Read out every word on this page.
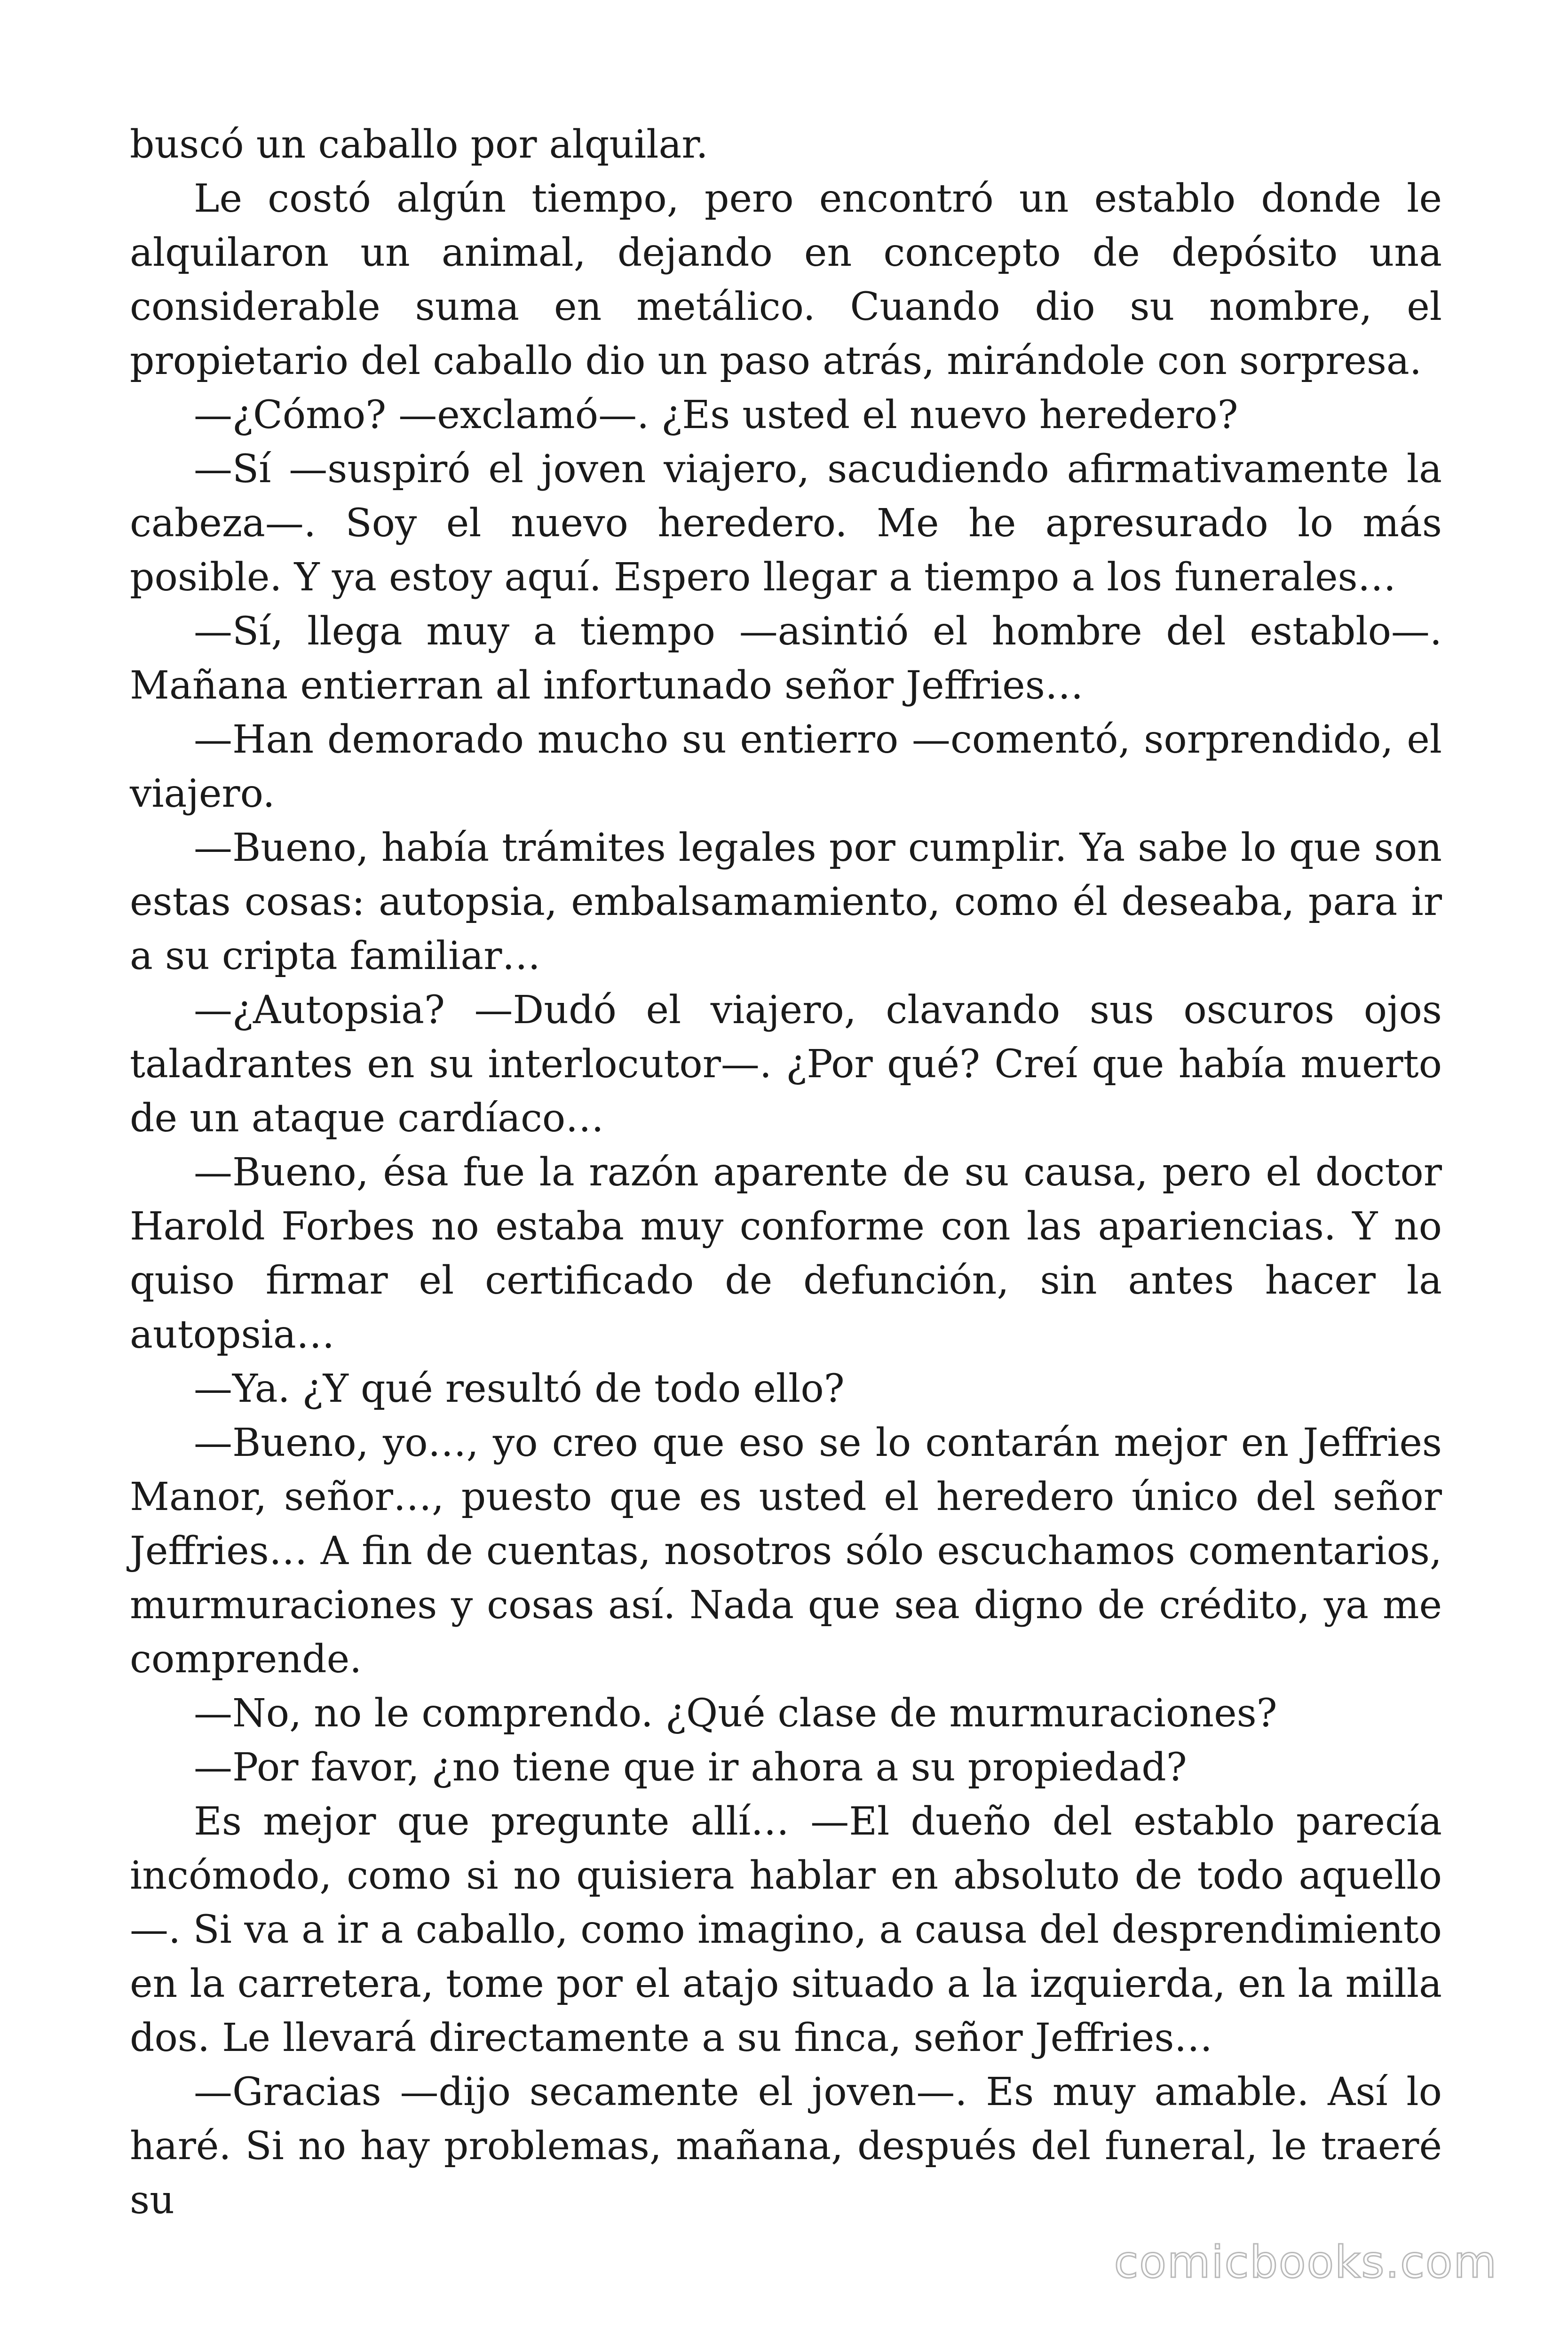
buscó un caballo por alquilar.

Le costó algún tiempo, pero encontró un establo donde le alquilaron un animal, dejando en concepto de depósito una considerable suma en metálico. Cuando dio su nombre, el propietario del caballo dio un paso atrás, mirándole con sorpresa.

—¿Cómo? —exclamó—. ¿Es usted el nuevo heredero?

—Sí —suspiró el joven viajero, sacudiendo afirmativamente la cabeza—. Soy el nuevo heredero. Me he apresurado lo más posible. Y ya estoy aquí. Espero llegar a tiempo a los funerales…

—Sí, llega muy a tiempo —asintió el hombre del establo—. Mañana entierran al infortunado señor Jeffries…

—Han demorado mucho su entierro —comentó, sorprendido, el viajero.

—Bueno, había trámites legales por cumplir. Ya sabe lo que son estas cosas: autopsia, embalsamamiento, como él deseaba, para ir a su cripta familiar…

—¿Autopsia? —Dudó el viajero, clavando sus oscuros ojos taladrantes en su interlocutor—. ¿Por qué? Creí que había muerto de un ataque cardíaco…

—Bueno, ésa fue la razón aparente de su causa, pero el doctor Harold Forbes no estaba muy conforme con las apariencias. Y no quiso firmar el certificado de defunción, sin antes hacer la autopsia…

—Ya. ¿Y qué resultó de todo ello?

—Bueno, yo…, yo creo que eso se lo contarán mejor en Jeffries Manor, señor…, puesto que es usted el heredero único del señor Jeffries… A fin de cuentas, nosotros sólo escuchamos comentarios, murmuraciones y cosas así. Nada que sea digno de crédito, ya me comprende.

—No, no le comprendo. ¿Qué clase de murmuraciones?

—Por favor, ¿no tiene que ir ahora a su propiedad?

Es mejor que pregunte allí… —El dueño del establo parecía incómodo, como si no quisiera hablar en absoluto de todo aquello —. Si va a ir a caballo, como imagino, a causa del desprendimiento en la carretera, tome por el atajo situado a la izquierda, en la milla dos. Le llevará directamente a su finca, señor Jeffries…

—Gracias —dijo secamente el joven—. Es muy amable. Así lo haré. Si no hay problemas, mañana, después del funeral, le traeré su

comicbooks.com
